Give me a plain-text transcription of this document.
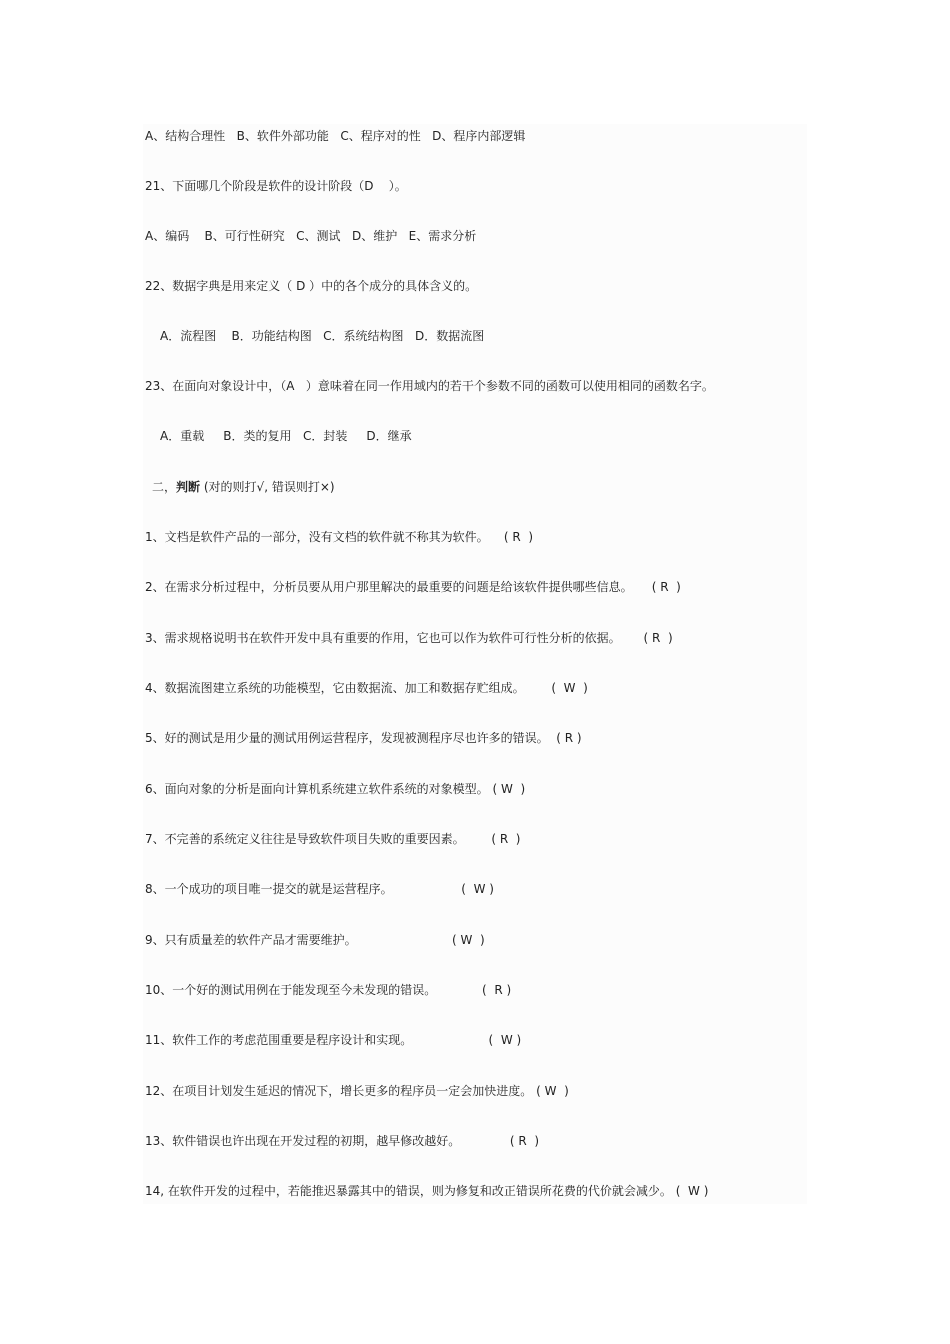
A、结构合理性   B、软件外部功能   C、程序对的性   D、程序内部逻辑
21、下面哪几个阶段是软件的设计阶段（D    ）。
A、编码    B、可行性研究   C、测试   D、维护   E、需求分析
22、数据字典是用来定义（ D ）中的各个成分的具体含义的。
A．流程图    B．功能结构图   C．系统结构图   D．数据流图
23、在面向对象设计中，（A   ）意味着在同一作用域内的若干个参数不同的函数可以使用相同的函数名字。
A．重载     B．类的复用   C．封装     D．继承
二，判断 (对的则打√, 错误则打×)
1、文档是软件产品的一部分，没有文档的软件就不称其为软件。    ( R  )
2、在需求分析过程中，分析员要从用户那里解决的最重要的问题是给该软件提供哪些信息。     ( R  )
3、需求规格说明书在软件开发中具有重要的作用，它也可以作为软件可行性分析的依据。      ( R  )
4、数据流图建立系统的功能模型，它由数据流、加工和数据存贮组成。       (  W  )
5、好的测试是用少量的测试用例运营程序，发现被测程序尽也许多的错误。  ( R )
6、面向对象的分析是面向计算机系统建立软件系统的对象模型。 ( W  )
7、不完善的系统定义往往是导致软件项目失败的重要因素。       ( R  )
8、一个成功的项目唯一提交的就是运营程序。                  (  W )
9、只有质量差的软件产品才需要维护。                         ( W  )
10、一个好的测试用例在于能发现至今未发现的错误。            (  R )
11、软件工作的考虑范围重要是程序设计和实现。                    (  W )
12、在项目计划发生延迟的情况下，增长更多的程序员一定会加快进度。 ( W  )
13、软件错误也许出现在开发过程的初期，越早修改越好。             ( R  )
14, 在软件开发的过程中，若能推迟暴露其中的错误，则为修复和改正错误所花费的代价就会减少。 (  W )
